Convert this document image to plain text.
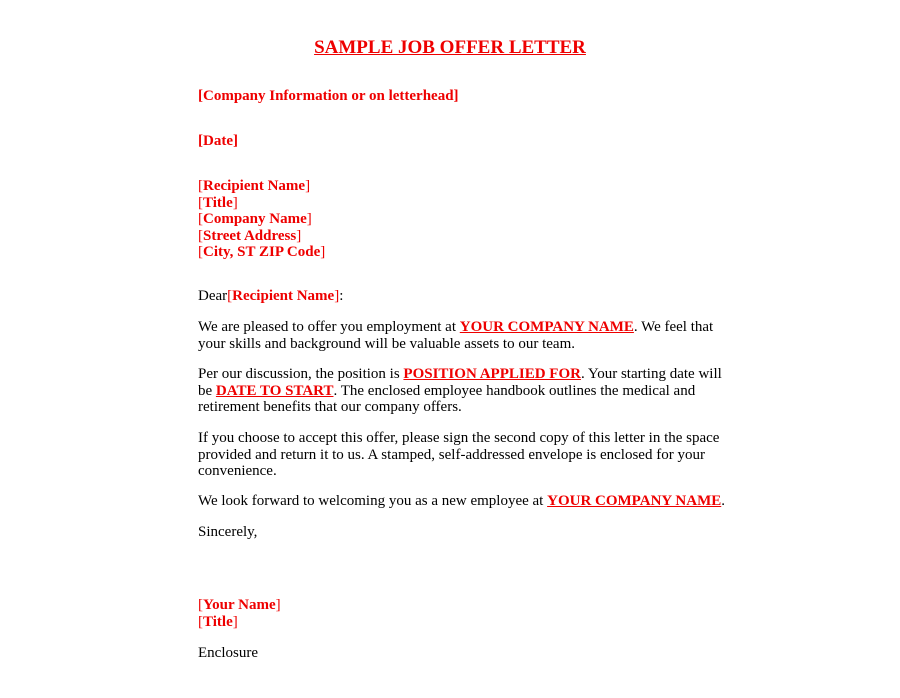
SAMPLE JOB OFFER LETTER
[Company Information or on letterhead]
[Date]
[Recipient Name]
[Title]
[Company Name]
[Street Address]
[City, ST ZIP Code]
Dear[Recipient Name]:
We are pleased to offer you employment at YOUR COMPANY NAME. We feel that
your skills and background will be valuable assets to our team.
Per our discussion, the position is POSITION APPLIED FOR. Your starting date will
be DATE TO START. The enclosed employee handbook outlines the medical and
retirement benefits that our company offers.
If you choose to accept this offer, please sign the second copy of this letter in the space
provided and return it to us. A stamped, self-addressed envelope is enclosed for your
convenience.
We look forward to welcoming you as a new employee at YOUR COMPANY NAME.
Sincerely,
[Your Name]
[Title]
Enclosure
